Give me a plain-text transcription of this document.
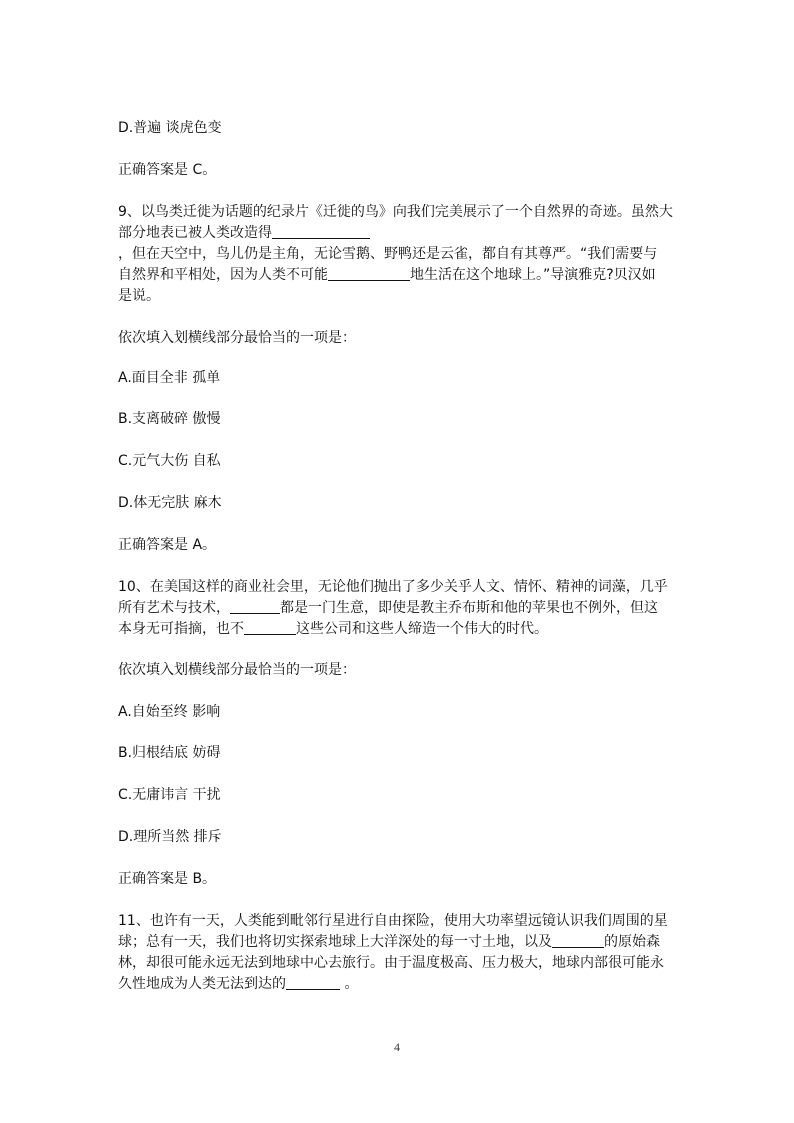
D.普遍 谈虎色变

正确答案是 C。

9、以鸟类迁徙为话题的纪录片《迁徙的鸟》向我们完美展示了一个自然界的奇迹。虽然大

部分地表已被人类改造得

，但在天空中，鸟儿仍是主角，无论雪鹅、野鸭还是云雀，都自有其尊严。“我们需要与

自然界和平相处，因为人类不可能	地生活在这个地球上。”导演雅克?贝汉如

是说。

依次填入划横线部分最恰当的一项是：

A.面目全非 孤单

B.支离破碎 傲慢

C.元气大伤 自私

D.体无完肤 麻木

正确答案是 A。

10、在美国这样的商业社会里，无论他们抛出了多少关乎人文、情怀、精神的词藻，几乎

所有艺术与技术，	都是一门生意，即使是教主乔布斯和他的苹果也不例外，但这

本身无可指摘，也不	这些公司和这些人缔造一个伟大的时代。

依次填入划横线部分最恰当的一项是：

A.自始至终 影响

B.归根结底 妨碍

C.无庸讳言 干扰

D.理所当然 排斥

正确答案是 B。

11、也许有一天，人类能到毗邻行星进行自由探险，使用大功率望远镜认识我们周围的星

球；总有一天，我们也将切实探索地球上大洋深处的每一寸土地，以及	的原始森

林，却很可能永远无法到地球中心去旅行。由于温度极高、压力极大，地球内部很可能永

久性地成为人类无法到达的	。

4
